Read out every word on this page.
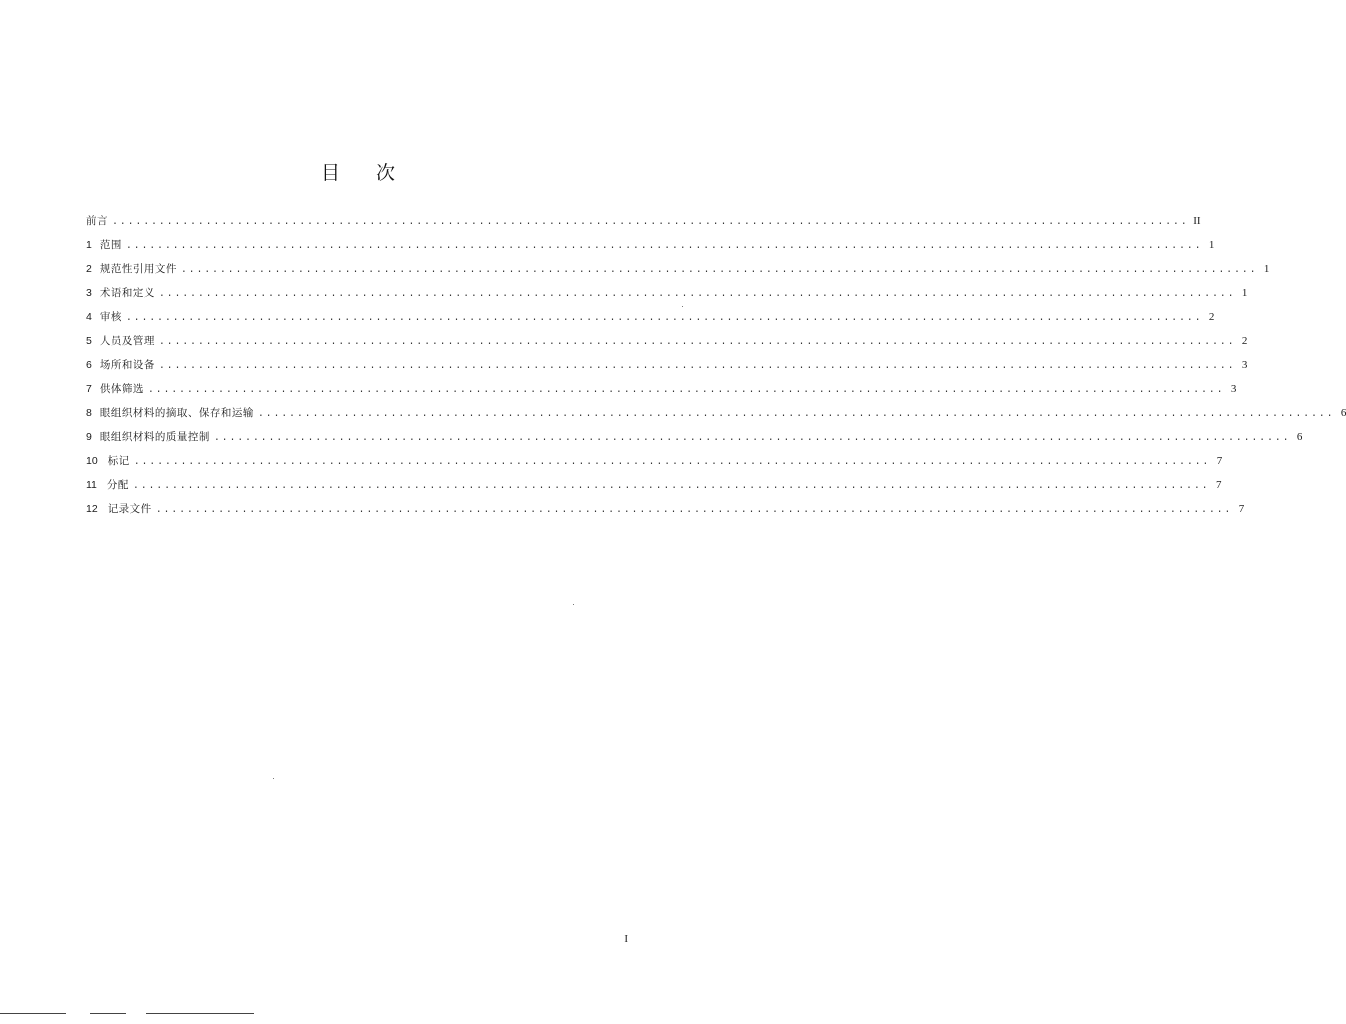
目次
前言 .......................................................................................................................................... II
1 范围 .......................................................................................................................................... 1
2 规范性引用文件 .......................................................................................................................................... 1
3 术语和定义 .......................................................................................................................................... 1
4 审核 .......................................................................................................................................... 2
5 人员及管理 .......................................................................................................................................... 2
6 场所和设备 .......................................................................................................................................... 3
7 供体筛选 .......................................................................................................................................... 3
8 眼组织材料的摘取、保存和运输 .......................................................................................................................................... 6
9 眼组织材料的质量控制 .......................................................................................................................................... 6
10 标记 .......................................................................................................................................... 7
11 分配 .......................................................................................................................................... 7
12 记录文件 .......................................................................................................................................... 7
I
